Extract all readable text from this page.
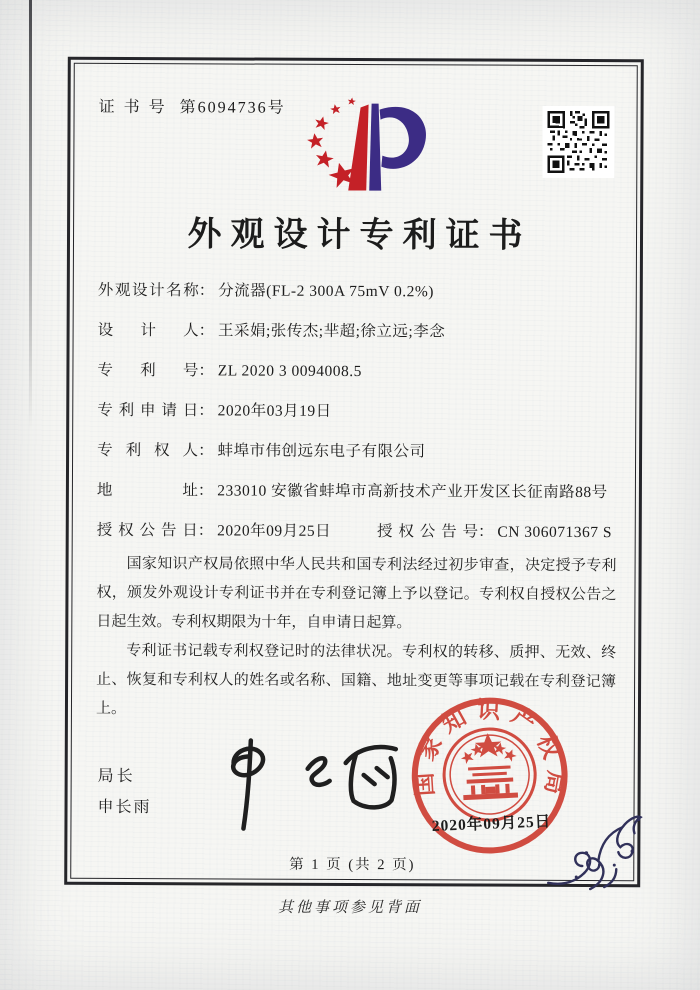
证书号 第6094736号
外观设计专利证书
外观设计名称： 分流器(FL-2 300A 75mV 0.2%)
设计人： 王采娟;张传杰;芈超;徐立远;李念
专利号： ZL 2020 3 0094008.5
专利申请日： 2020年03月19日
专利权人： 蚌埠市伟创远东电子有限公司
地址： 233010 安徽省蚌埠市高新技术产业开发区长征南路88号
授权公告日： 2020年09月25日	授权公告号： CN 306071367 S

国家知识产权局依照中华人民共和国专利法经过初步审查，决定授予专利权，颁发外观设计专利证书并在专利登记簿上予以登记。专利权自授权公告之日起生效。专利权期限为十年，自申请日起算。

专利证书记载专利权登记时的法律状况。专利权的转移、质押、无效、终止、恢复和专利权人的姓名或名称、国籍、地址变更等事项记载在专利登记簿上。

局长
申长雨
国家知识产权局
2020年09月25日
第 1 页 (共 2 页)
其他事项参见背面
